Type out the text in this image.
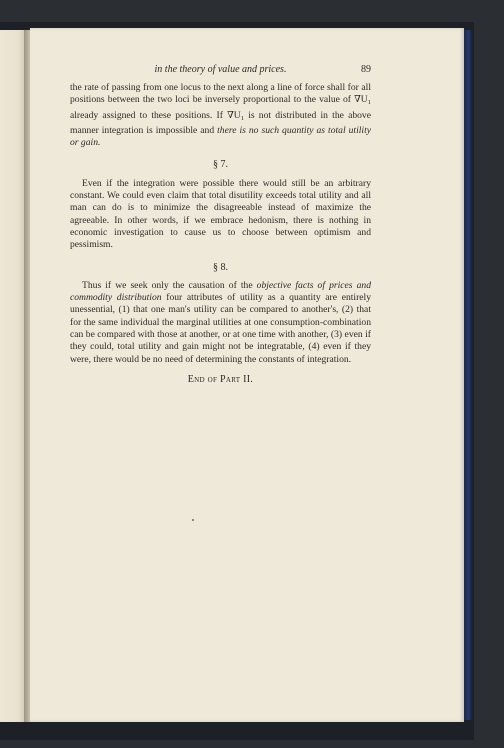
in the theory of value and prices.	89

the rate of passing from one locus to the next along a line of force shall for all positions between the two loci be inversely proportional to the value of $\nabla U_1$ already assigned to these positions. If $\nabla U_1$ is not distributed in the above manner integration is impossible and there is no such quantity as total utility or gain.

§ 7.

Even if the integration were possible there would still be an arbitrary constant. We could even claim that total disutility exceeds total utility and all man can do is to minimize the disagreeable instead of maximize the agreeable. In other words, if we embrace hedonism, there is nothing in economic investigation to cause us to choose between optimism and pessimism.

§ 8.

Thus if we seek only the causation of the objective facts of prices and commodity distribution four attributes of utility as a quantity are entirely unessential, (1) that one man's utility can be compared to another's, (2) that for the same individual the marginal utilities at one consumption-combination can be compared with those at another, or at one time with another, (3) even if they could, total utility and gain might not be integratable, (4) even if they were, there would be no need of determining the constants of integration.

End of Part II.
